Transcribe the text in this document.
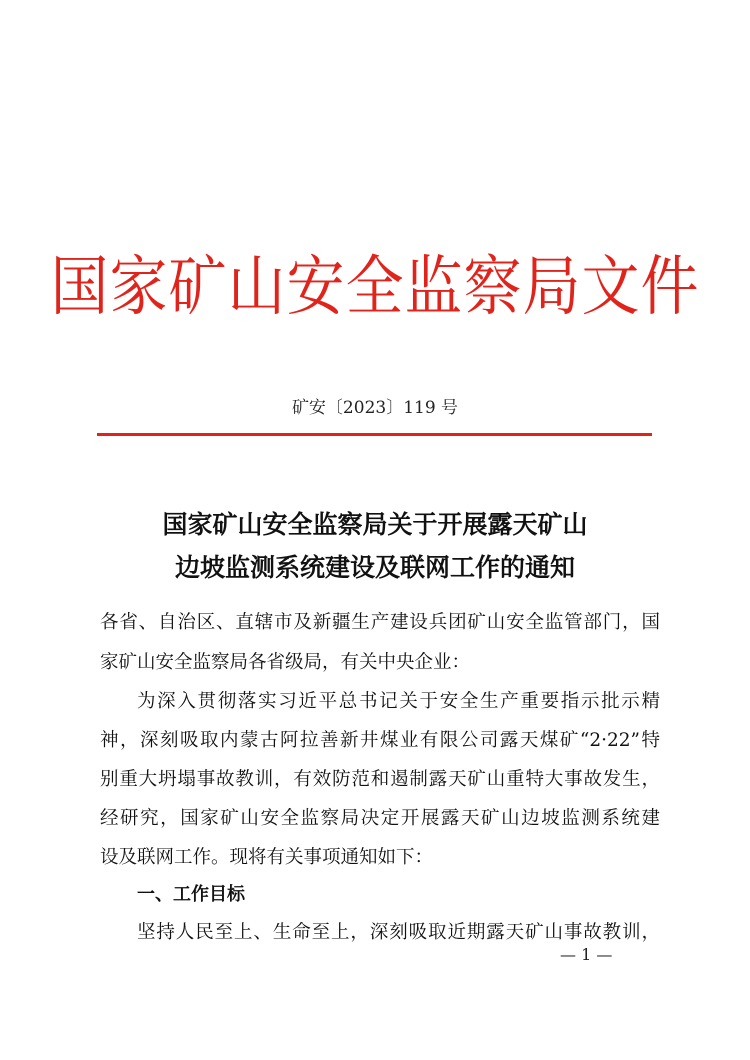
国家矿山安全监察局文件
矿安〔2023〕119 号
国家矿山安全监察局关于开展露天矿山
边坡监测系统建设及联网工作的通知
各省、自治区、直辖市及新疆生产建设兵团矿山安全监管部门，国
家矿山安全监察局各省级局，有关中央企业：
为深入贯彻落实习近平总书记关于安全生产重要指示批示精
神，深刻吸取内蒙古阿拉善新井煤业有限公司露天煤矿“2·22”特
别重大坍塌事故教训，有效防范和遏制露天矿山重特大事故发生，
经研究，国家矿山安全监察局决定开展露天矿山边坡监测系统建
设及联网工作。现将有关事项通知如下：
一、工作目标
坚持人民至上、生命至上，深刻吸取近期露天矿山事故教训，
— 1 —
